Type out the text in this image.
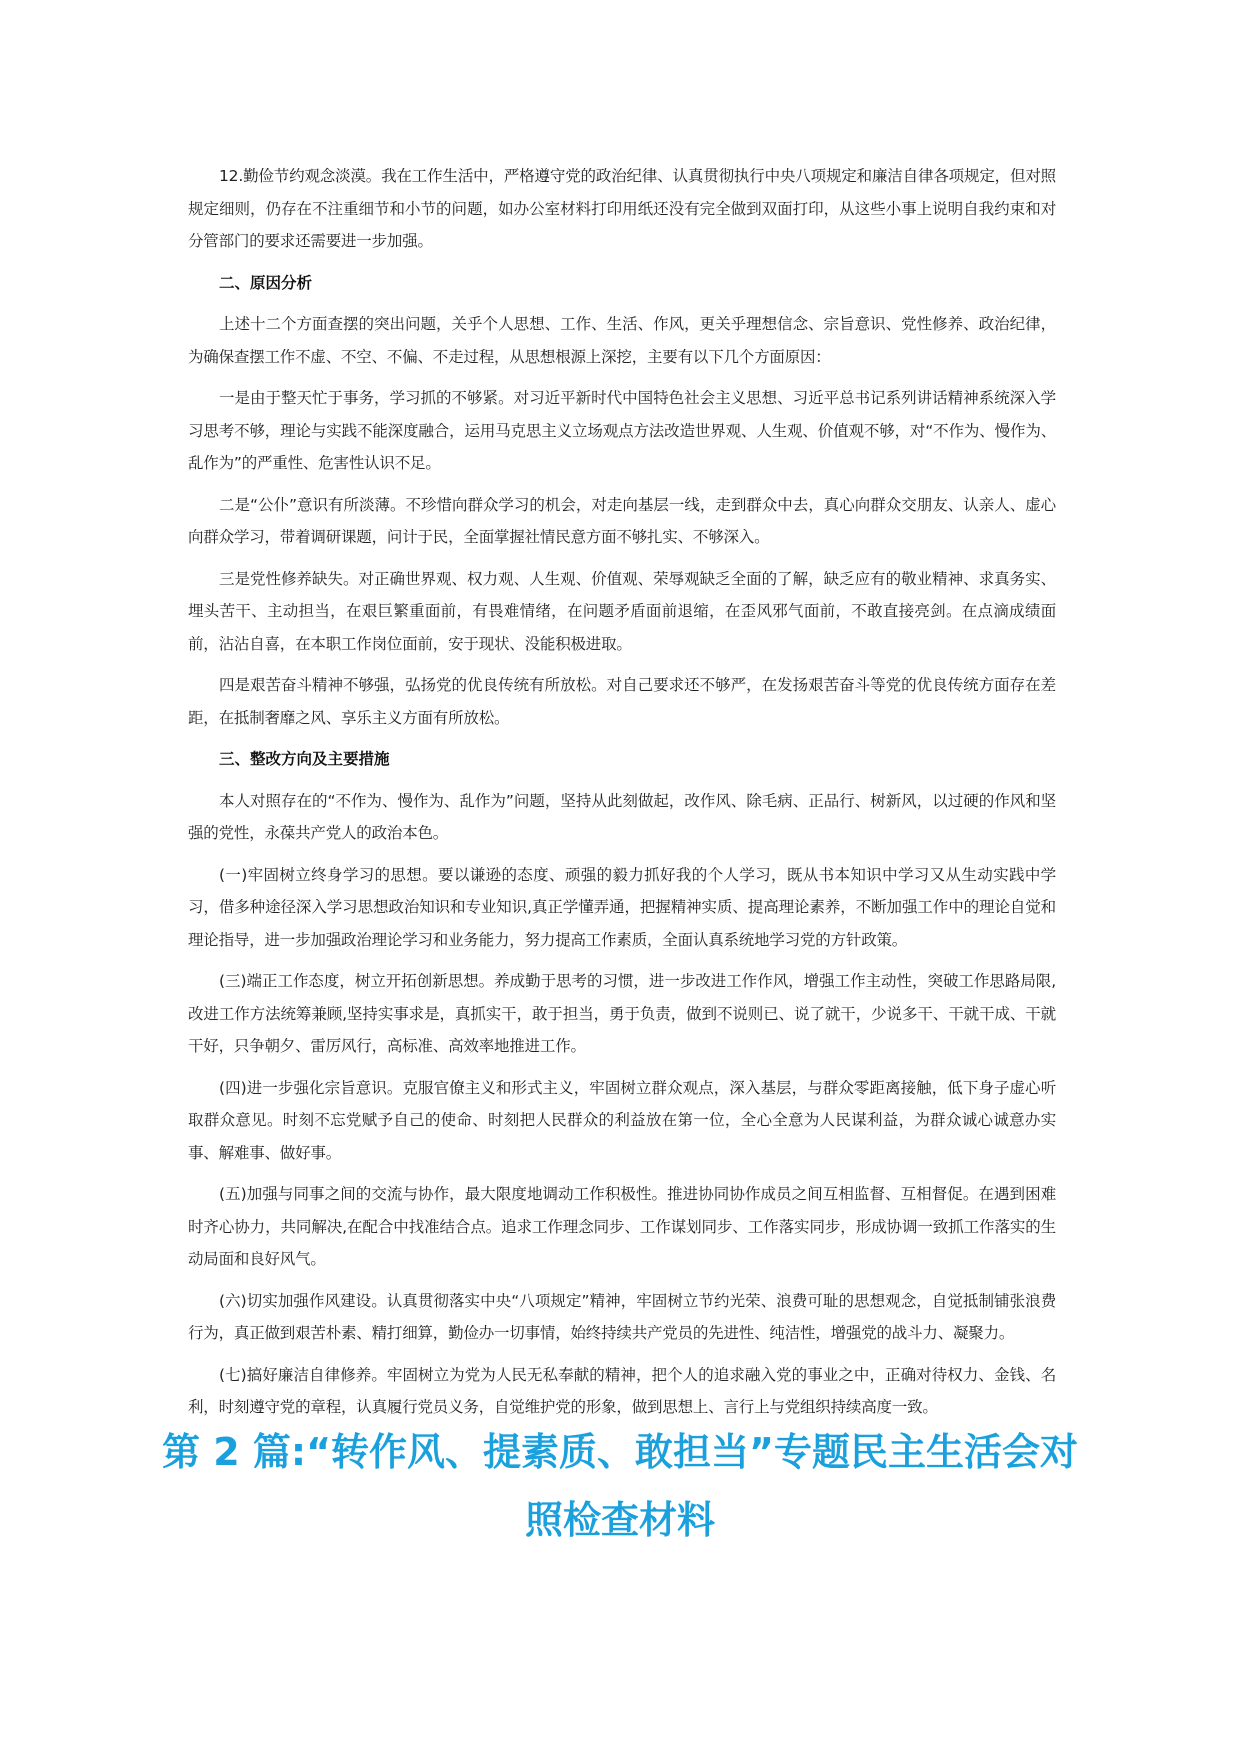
12.勤俭节约观念淡漠。我在工作生活中，严格遵守党的政治纪律、认真贯彻执行中央八项规定和廉洁自律各项规定，但对照规定细则，仍存在不注重细节和小节的问题，如办公室材料打印用纸还没有完全做到双面打印，从这些小事上说明自我约束和对分管部门的要求还需要进一步加强。

二、原因分析

上述十二个方面查摆的突出问题，关乎个人思想、工作、生活、作风，更关乎理想信念、宗旨意识、党性修养、政治纪律，为确保查摆工作不虚、不空、不偏、不走过程，从思想根源上深挖，主要有以下几个方面原因：

一是由于整天忙于事务，学习抓的不够紧。对习近平新时代中国特色社会主义思想、习近平总书记系列讲话精神系统深入学习思考不够，理论与实践不能深度融合，运用马克思主义立场观点方法改造世界观、人生观、价值观不够，对“不作为、慢作为、乱作为”的严重性、危害性认识不足。

二是“公仆”意识有所淡薄。不珍惜向群众学习的机会，对走向基层一线，走到群众中去，真心向群众交朋友、认亲人、虚心向群众学习，带着调研课题，问计于民，全面掌握社情民意方面不够扎实、不够深入。

三是党性修养缺失。对正确世界观、权力观、人生观、价值观、荣辱观缺乏全面的了解，缺乏应有的敬业精神、求真务实、埋头苦干、主动担当，在艰巨繁重面前，有畏难情绪，在问题矛盾面前退缩，在歪风邪气面前，不敢直接亮剑。在点滴成绩面前，沾沾自喜，在本职工作岗位面前，安于现状、没能积极进取。

四是艰苦奋斗精神不够强，弘扬党的优良传统有所放松。对自己要求还不够严，在发扬艰苦奋斗等党的优良传统方面存在差距，在抵制奢靡之风、享乐主义方面有所放松。

三、整改方向及主要措施

本人对照存在的“不作为、慢作为、乱作为”问题，坚持从此刻做起，改作风、除毛病、正品行、树新风，以过硬的作风和坚强的党性，永葆共产党人的政治本色。

(一)牢固树立终身学习的思想。要以谦逊的态度、顽强的毅力抓好我的个人学习，既从书本知识中学习又从生动实践中学习，借多种途径深入学习思想政治知识和专业知识,真正学懂弄通，把握精神实质、提高理论素养，不断加强工作中的理论自觉和理论指导，进一步加强政治理论学习和业务能力，努力提高工作素质，全面认真系统地学习党的方针政策。

(三)端正工作态度，树立开拓创新思想。养成勤于思考的习惯，进一步改进工作作风，增强工作主动性，突破工作思路局限,改进工作方法统筹兼顾,坚持实事求是，真抓实干，敢于担当，勇于负责，做到不说则已、说了就干，少说多干、干就干成、干就干好，只争朝夕、雷厉风行，高标准、高效率地推进工作。

(四)进一步强化宗旨意识。克服官僚主义和形式主义，牢固树立群众观点，深入基层，与群众零距离接触，低下身子虚心听取群众意见。时刻不忘党赋予自己的使命、时刻把人民群众的利益放在第一位，全心全意为人民谋利益，为群众诚心诚意办实事、解难事、做好事。

(五)加强与同事之间的交流与协作，最大限度地调动工作积极性。推进协同协作成员之间互相监督、互相督促。在遇到困难时齐心协力，共同解决,在配合中找准结合点。追求工作理念同步、工作谋划同步、工作落实同步，形成协调一致抓工作落实的生动局面和良好风气。

(六)切实加强作风建设。认真贯彻落实中央“八项规定”精神，牢固树立节约光荣、浪费可耻的思想观念，自觉抵制铺张浪费行为，真正做到艰苦朴素、精打细算，勤俭办一切事情，始终持续共产党员的先进性、纯洁性，增强党的战斗力、凝聚力。

(七)搞好廉洁自律修养。牢固树立为党为人民无私奉献的精神，把个人的追求融入党的事业之中，正确对待权力、金钱、名利，时刻遵守党的章程，认真履行党员义务，自觉维护党的形象，做到思想上、言行上与党组织持续高度一致。

第 2 篇:“转作风、提素质、敢担当”专题民主生活会对照检查材料
